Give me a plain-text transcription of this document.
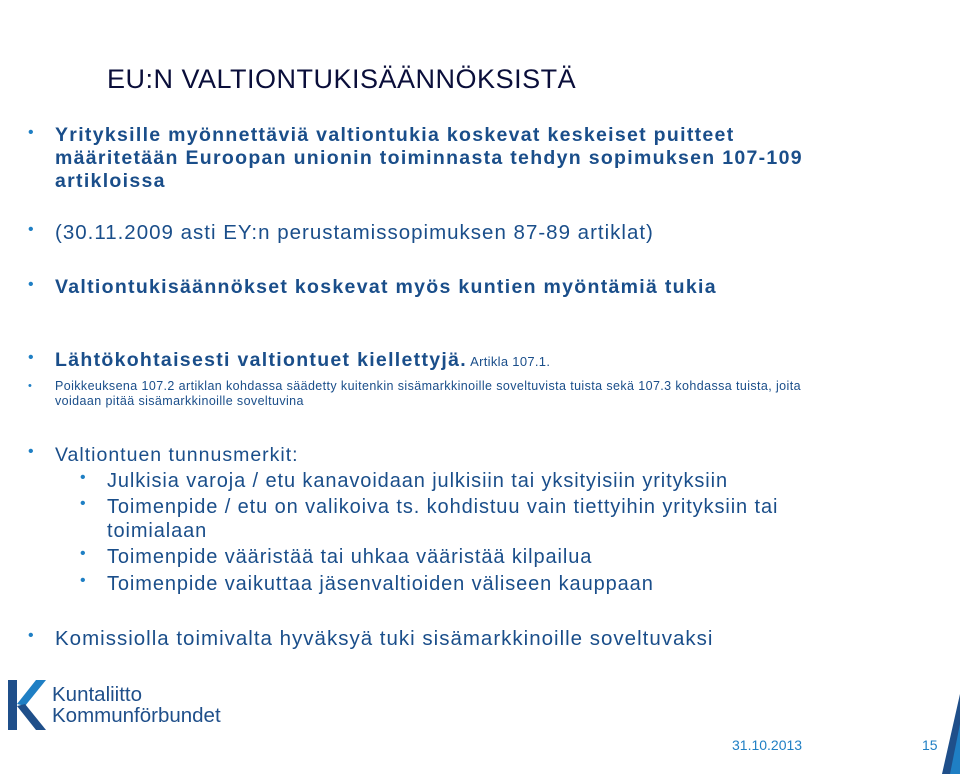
EU:N VALTIONTUKISÄÄNNÖKSISTÄ
•	Yrityksille myönnettäviä valtiontukia koskevat keskeiset puitteet määritetään Euroopan unionin toiminnasta tehdyn sopimuksen 107-109 artikloissa
•	(30.11.2009 asti EY:n perustamissopimuksen 87-89 artiklat)
•	Valtiontukisäännökset koskevat myös kuntien myöntämiä tukia
•	Lähtökohtaisesti valtiontuet kiellettyjä. Artikla 107.1.
•	Poikkeuksena 107.2 artiklan kohdassa säädetty kuitenkin sisämarkkinoille soveltuvista tuista sekä 107.3 kohdassa tuista, joita voidaan pitää sisämarkkinoille soveltuvina
•	Valtiontuen tunnusmerkit:
•	Julkisia varoja / etu kanavoidaan julkisiin tai yksityisiin yrityksiin
•	Toimenpide / etu on valikoiva ts. kohdistuu vain tiettyihin yrityksiin tai toimialaan
•	Toimenpide vääristää tai uhkaa vääristää kilpailua
•	Toimenpide vaikuttaa jäsenvaltioiden väliseen kauppaan
•	Komissiolla toimivalta hyväksyä tuki sisämarkkinoille soveltuvaksi
Kuntaliitto
Kommunförbundet
31.10.2013	15
